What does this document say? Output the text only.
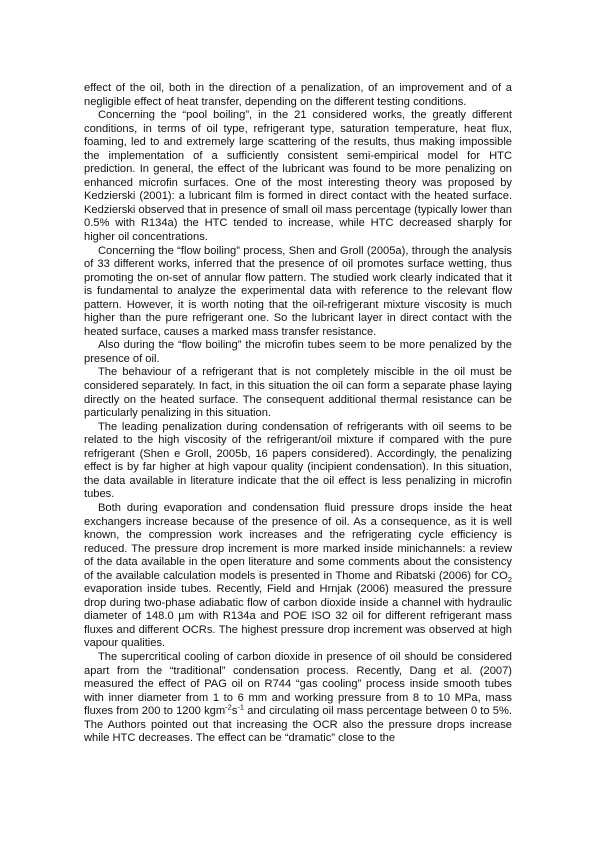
effect of the oil, both in the direction of a penalization, of an improvement and of a negligible effect of heat transfer, depending on the different testing conditions.

Concerning the “pool boiling”, in the 21 considered works, the greatly different conditions, in terms of oil type, refrigerant type, saturation temperature, heat flux, foaming, led to and extremely large scattering of the results, thus making impossible the implementation of a sufficiently consistent semi-empirical model for HTC prediction. In general, the effect of the lubricant was found to be more penalizing on enhanced microfin surfaces. One of the most interesting theory was proposed by Kedzierski (2001): a lubricant film is formed in direct contact with the heated surface. Kedzierski observed that in presence of small oil mass percentage (typically lower than 0.5% with R134a) the HTC tended to increase, while HTC decreased sharply for higher oil concentrations.

Concerning the “flow boiling” process, Shen and Groll (2005a), through the analysis of 33 different works, inferred that the presence of oil promotes surface wetting, thus promoting the on-set of annular flow pattern. The studied work clearly indicated that it is fundamental to analyze the experimental data with reference to the relevant flow pattern. However, it is worth noting that the oil-refrigerant mixture viscosity is much higher than the pure refrigerant one. So the lubricant layer in direct contact with the heated surface, causes a marked mass transfer resistance.

Also during the “flow boiling” the microfin tubes seem to be more penalized by the presence of oil.

The behaviour of a refrigerant that is not completely miscible in the oil must be considered separately. In fact, in this situation the oil can form a separate phase laying directly on the heated surface. The consequent additional thermal resistance can be particularly penalizing in this situation.

The leading penalization during condensation of refrigerants with oil seems to be related to the high viscosity of the refrigerant/oil mixture if compared with the pure refrigerant (Shen e Groll, 2005b, 16 papers considered). Accordingly, the penalizing effect is by far higher at high vapour quality (incipient condensation). In this situation, the data available in literature indicate that the oil effect is less penalizing in microfin tubes.

Both during evaporation and condensation fluid pressure drops inside the heat exchangers increase because of the presence of oil. As a consequence, as it is well known, the compression work increases and the refrigerating cycle efficiency is reduced. The pressure drop increment is more marked inside minichannels: a review of the data available in the open literature and some comments about the consistency of the available calculation models is presented in Thome and Ribatski (2006) for $CO_2$ evaporation inside tubes. Recently, Field and Hrnjak (2006) measured the pressure drop during two-phase adiabatic flow of carbon dioxide inside a channel with hydraulic diameter of 148.0 µm with R134a and POE ISO 32 oil for different refrigerant mass fluxes and different OCRs. The highest pressure drop increment was observed at high vapour qualities.

The supercritical cooling of carbon dioxide in presence of oil should be considered apart from the “traditional” condensation process. Recently, Dang et al. (2007) measured the effect of PAG oil on R744 “gas cooling” process inside smooth tubes with inner diameter from 1 to 6 mm and working pressure from 8 to 10 MPa, mass fluxes from 200 to 1200 $kgm^{-2}s^{-1}$ and circulating oil mass percentage between 0 to 5%. The Authors pointed out that increasing the OCR also the pressure drops increase while HTC decreases. The effect can be “dramatic” close to the
